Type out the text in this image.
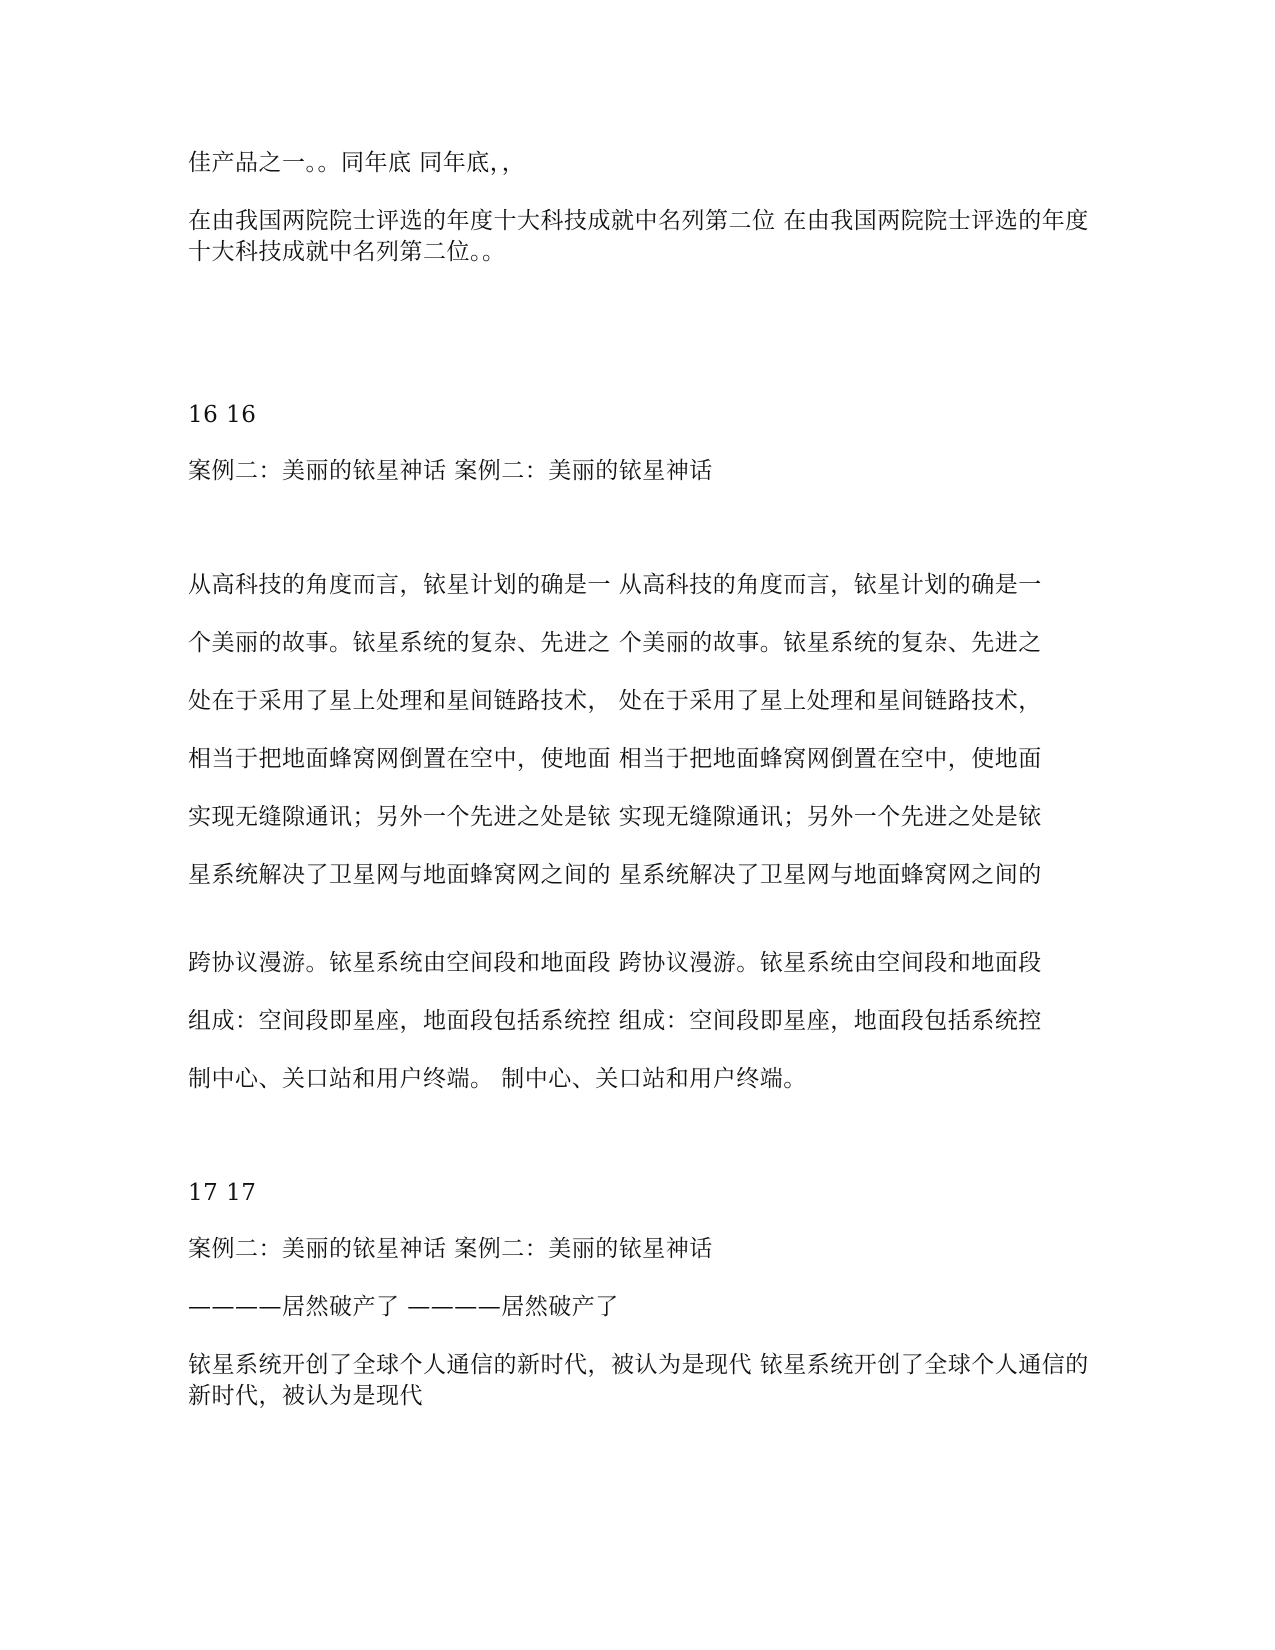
佳产品之一。。同年底 同年底，，
在由我国两院院士评选的年度十大科技成就中名列第二位 在由我国两院院士评选的年度十大科技成就中名列第二位。。
16 16
案例二：美丽的铱星神话 案例二：美丽的铱星神话
从高科技的角度而言，铱星计划的确是一 从高科技的角度而言，铱星计划的确是一
个美丽的故事。铱星系统的复杂、先进之 个美丽的故事。铱星系统的复杂、先进之
处在于采用了星上处理和星间链路技术， 处在于采用了星上处理和星间链路技术，
相当于把地面蜂窝网倒置在空中，使地面 相当于把地面蜂窝网倒置在空中，使地面
实现无缝隙通讯；另外一个先进之处是铱 实现无缝隙通讯；另外一个先进之处是铱
星系统解决了卫星网与地面蜂窝网之间的 星系统解决了卫星网与地面蜂窝网之间的
跨协议漫游。铱星系统由空间段和地面段 跨协议漫游。铱星系统由空间段和地面段
组成：空间段即星座，地面段包括系统控 组成：空间段即星座，地面段包括系统控
制中心、关口站和用户终端。 制中心、关口站和用户终端。
17 17
案例二：美丽的铱星神话 案例二：美丽的铱星神话
————居然破产了 ————居然破产了
铱星系统开创了全球个人通信的新时代，被认为是现代 铱星系统开创了全球个人通信的新时代，被认为是现代
